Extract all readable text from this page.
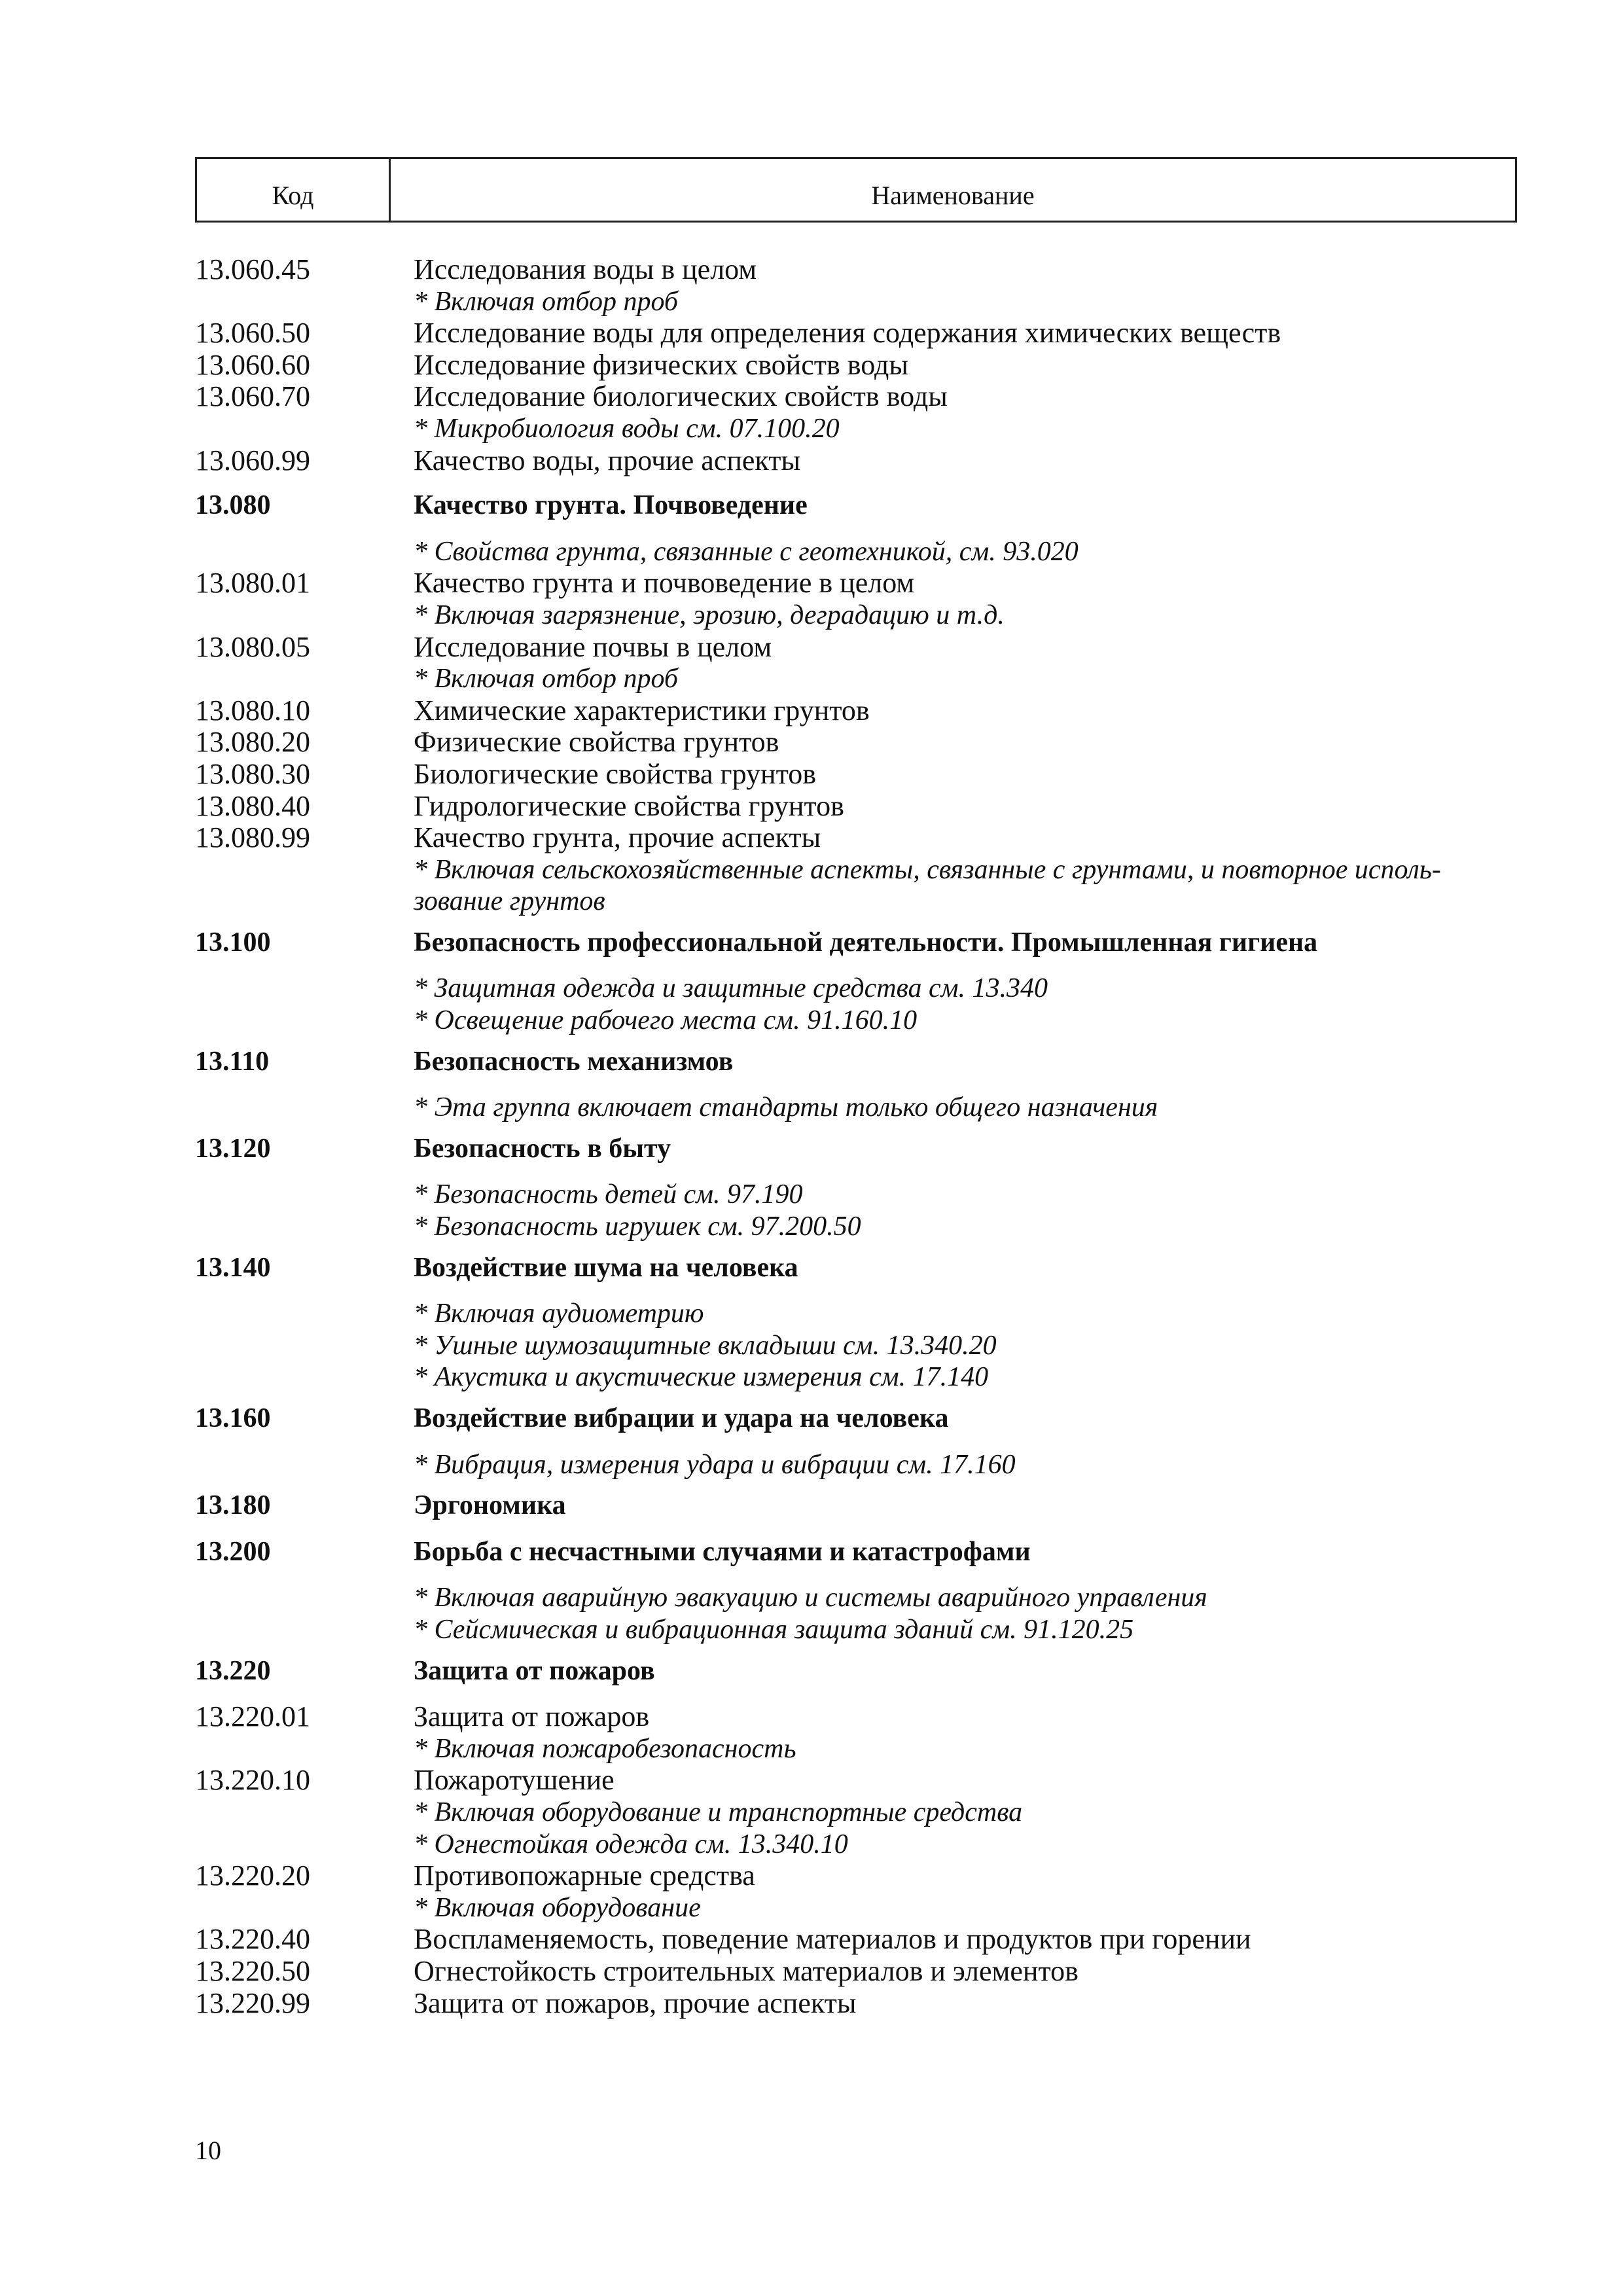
Код	Наименование
13.060.45	Исследования воды в целом
* Включая отбор проб
13.060.50	Исследование воды для определения содержания химических веществ
13.060.60	Исследование физических свойств воды
13.060.70	Исследование биологических свойств воды
* Микробиология воды см. 07.100.20
13.060.99	Качество воды, прочие аспекты
13.080	Качество грунта. Почвоведение
* Свойства грунта, связанные с геотехникой, см. 93.020
13.080.01	Качество грунта и почвоведение в целом
* Включая загрязнение, эрозию, деградацию и т.д.
13.080.05	Исследование почвы в целом
* Включая отбор проб
13.080.10	Химические характеристики грунтов
13.080.20	Физические свойства грунтов
13.080.30	Биологические свойства грунтов
13.080.40	Гидрологические свойства грунтов
13.080.99	Качество грунта, прочие аспекты
* Включая сельскохозяйственные аспекты, связанные с грунтами, и повторное исполь-
зование грунтов
13.100	Безопасность профессиональной деятельности. Промышленная гигиена
* Защитная одежда и защитные средства см. 13.340
* Освещение рабочего места см. 91.160.10
13.110	Безопасность механизмов
* Эта группа включает стандарты только общего назначения
13.120	Безопасность в быту
* Безопасность детей см. 97.190
* Безопасность игрушек см. 97.200.50
13.140	Воздействие шума на человека
* Включая аудиометрию
* Ушные шумозащитные вкладыши см. 13.340.20
* Акустика и акустические измерения см. 17.140
13.160	Воздействие вибрации и удара на человека
* Вибрация, измерения удара и вибрации см. 17.160
13.180	Эргономика
13.200	Борьба с несчастными случаями и катастрофами
* Включая аварийную эвакуацию и системы аварийного управления
* Сейсмическая и вибрационная защита зданий см. 91.120.25
13.220	Защита от пожаров
13.220.01	Защита от пожаров
* Включая пожаробезопасность
13.220.10	Пожаротушение
* Включая оборудование и транспортные средства
* Огнестойкая одежда см. 13.340.10
13.220.20	Противопожарные средства
* Включая оборудование
13.220.40	Воспламеняемость, поведение материалов и продуктов при горении
13.220.50	Огнестойкость строительных материалов и элементов
13.220.99	Защита от пожаров, прочие аспекты
10
